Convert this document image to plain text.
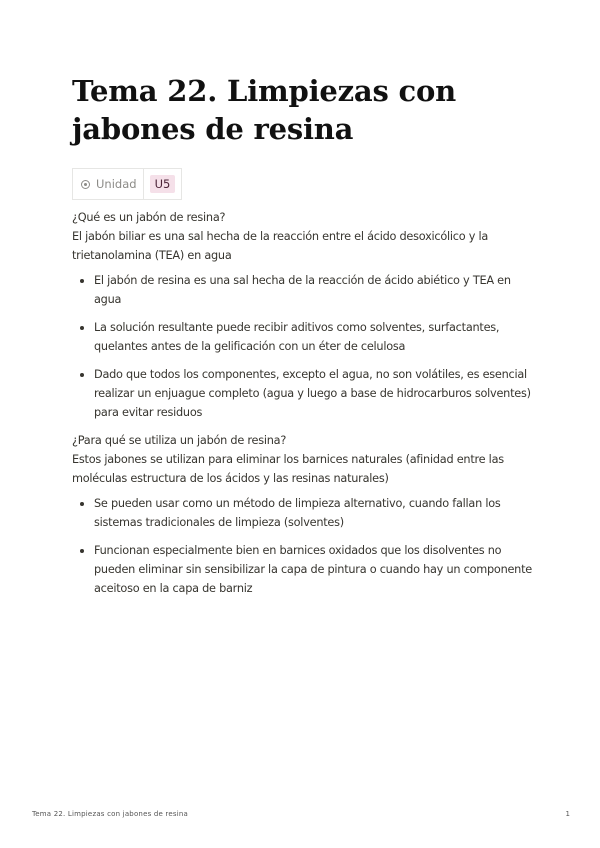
Tema 22. Limpiezas con jabones de resina
Unidad	U5

¿Qué es un jabón de resina?

El jabón biliar es una sal hecha de la reacción entre el ácido desoxicólico y la trietanolamina (TEA) en agua

El jabón de resina es una sal hecha de la reacción de ácido abiético y TEA en agua
La solución resultante puede recibir aditivos como solventes, surfactantes, quelantes antes de la gelificación con un éter de celulosa
Dado que todos los componentes, excepto el agua, no son volátiles, es esencial realizar un enjuague completo (agua y luego a base de hidrocarburos solventes) para evitar residuos

¿Para qué se utiliza un jabón de resina?

Estos jabones se utilizan para eliminar los barnices naturales (afinidad entre las moléculas estructura de los ácidos y las resinas naturales)

Se pueden usar como un método de limpieza alternativo, cuando fallan los sistemas tradicionales de limpieza (solventes)
Funcionan especialmente bien en barnices oxidados que los disolventes no pueden eliminar sin sensibilizar la capa de pintura o cuando hay un componente aceitoso en la capa de barniz
Tema 22. Limpiezas con jabones de resina	1
